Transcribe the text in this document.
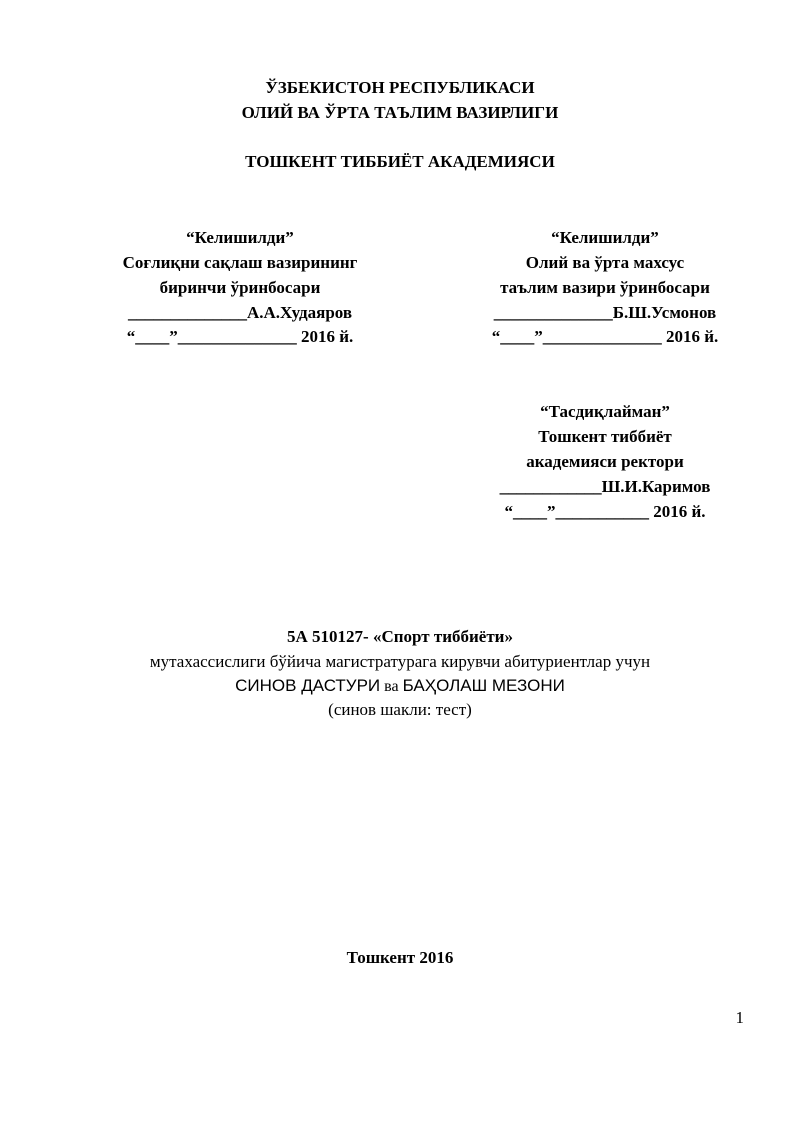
ЎЗБЕКИСТОН РЕСПУБЛИКАСИ
ОЛИЙ ВА ЎРТА ТАЪЛИМ ВАЗИРЛИГИ
ТОШКЕНТ ТИББИЁТ АКАДЕМИЯСИ
“Келишилди”
Соғлиқни сақлаш вазирининг
биринчи ўринбосари
______________А.А.Худаяров
“____”______________ 2016 й.
“Келишилди”
Олий ва ўрта махсус
таълим вазири ўринбосари
______________Б.Ш.Усмонов
“____”______________ 2016 й.
“Тасдиқлайман”
Тошкент тиббиёт
академияси ректори
____________Ш.И.Каримов
“____”___________ 2016 й.
5А 510127- «Спорт тиббиёти»
мутахассислиги бўйича магистратурага кирувчи абитуриентлар учун
СИНОВ ДАСТУРИ ва БАҲОЛАШ МЕЗОНИ
(синов шакли: тест)
Тошкент 2016
1
